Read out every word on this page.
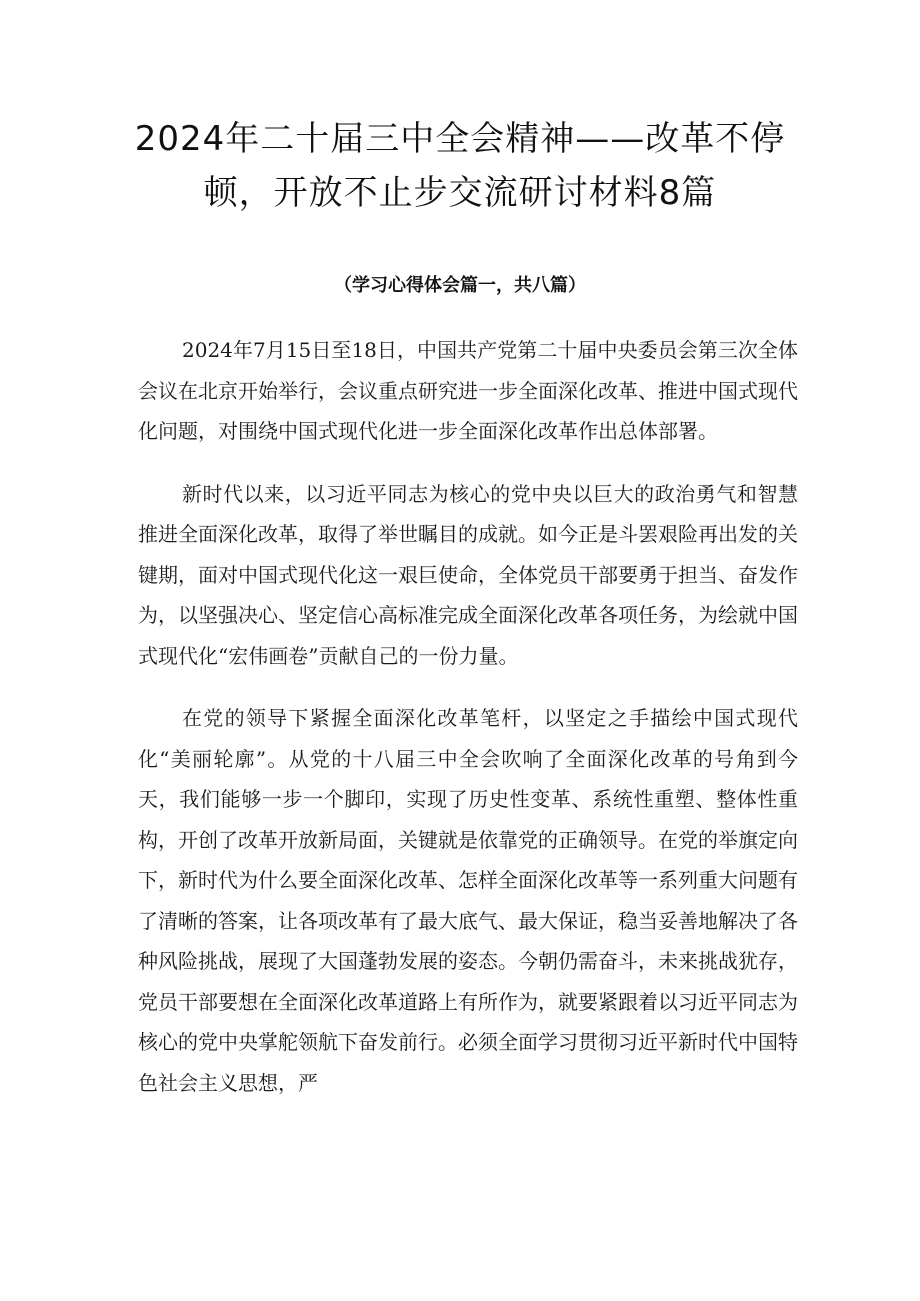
2024年二十届三中全会精神——改革不停
顿，开放不止步交流研讨材料8篇

（学习心得体会篇一，共八篇）

2024年7月15日至18日，中国共产党第二十届中央委员会第三次全体会议在北京开始举行，会议重点研究进一步全面深化改革、推进中国式现代化问题，对围绕中国式现代化进一步全面深化改革作出总体部署。

新时代以来，以习近平同志为核心的党中央以巨大的政治勇气和智慧推进全面深化改革，取得了举世瞩目的成就。如今正是斗罢艰险再出发的关键期，面对中国式现代化这一艰巨使命，全体党员干部要勇于担当、奋发作为，以坚强决心、坚定信心高标准完成全面深化改革各项任务，为绘就中国式现代化“宏伟画卷”贡献自己的一份力量。

在党的领导下紧握全面深化改革笔杆，以坚定之手描绘中国式现代化“美丽轮廓”。从党的十八届三中全会吹响了全面深化改革的号角到今天，我们能够一步一个脚印，实现了历史性变革、系统性重塑、整体性重构，开创了改革开放新局面，关键就是依靠党的正确领导。在党的举旗定向下，新时代为什么要全面深化改革、怎样全面深化改革等一系列重大问题有了清晰的答案，让各项改革有了最大底气、最大保证，稳当妥善地解决了各种风险挑战，展现了大国蓬勃发展的姿态。今朝仍需奋斗，未来挑战犹存，党员干部要想在全面深化改革道路上有所作为，就要紧跟着以习近平同志为核心的党中央掌舵领航下奋发前行。必须全面学习贯彻习近平新时代中国特色社会主义思想，严
